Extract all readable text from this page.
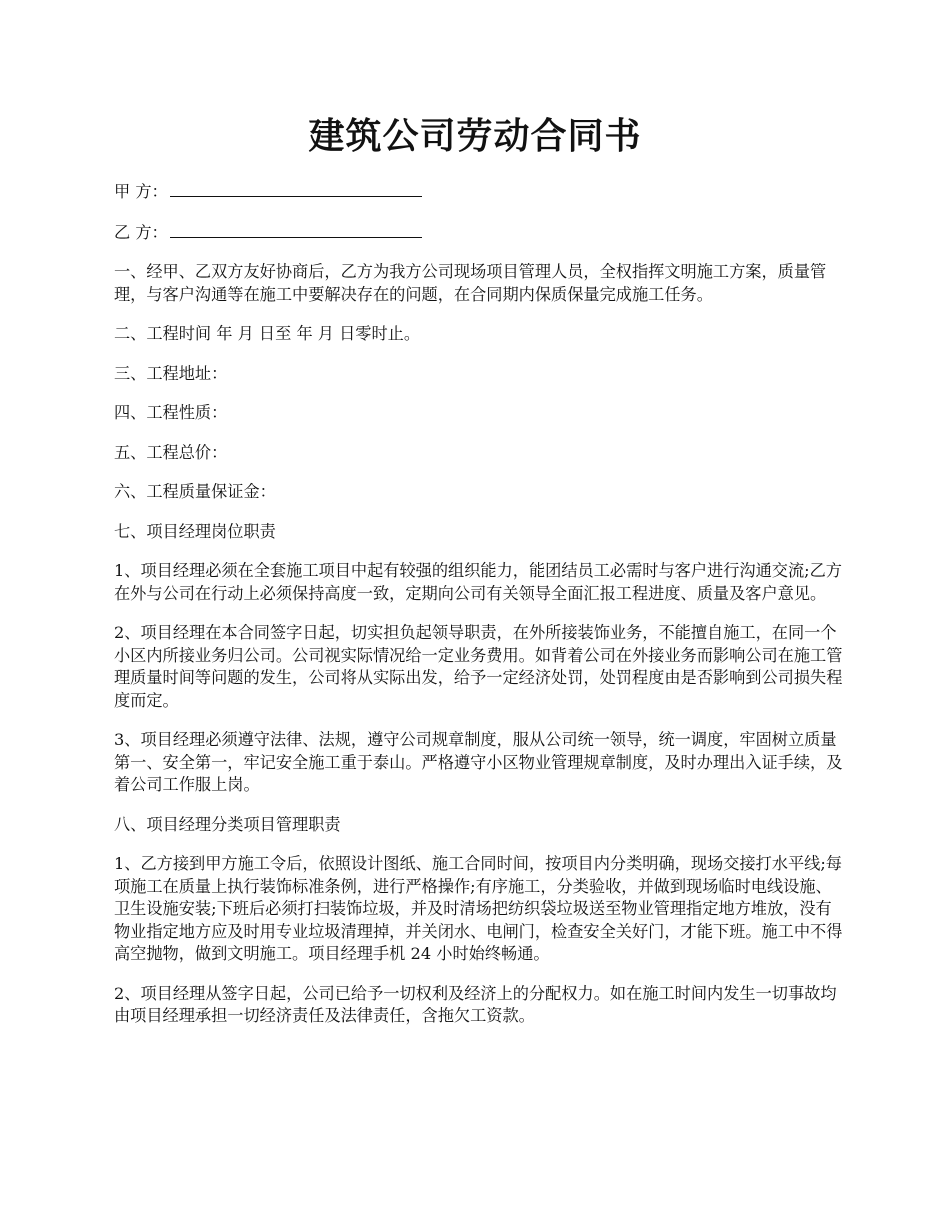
建筑公司劳动合同书

甲 方：

乙 方：

一、经甲、乙双方友好协商后，乙方为我方公司现场项目管理人员，全权指挥文明施工方案，质量管理，与客户沟通等在施工中要解决存在的问题，在合同期内保质保量完成施工任务。

二、工程时间 年 月 日至 年 月 日零时止。

三、工程地址：

四、工程性质：

五、工程总价：

六、工程质量保证金：

七、项目经理岗位职责

1、项目经理必须在全套施工项目中起有较强的组织能力，能团结员工必需时与客户进行沟通交流;乙方在外与公司在行动上必须保持高度一致，定期向公司有关领导全面汇报工程进度、质量及客户意见。

2、项目经理在本合同签字日起，切实担负起领导职责，在外所接装饰业务，不能擅自施工，在同一个小区内所接业务归公司。公司视实际情况给一定业务费用。如背着公司在外接业务而影响公司在施工管理质量时间等问题的发生，公司将从实际出发，给予一定经济处罚，处罚程度由是否影响到公司损失程度而定。

3、项目经理必须遵守法律、法规，遵守公司规章制度，服从公司统一领导，统一调度，牢固树立质量第一、安全第一，牢记安全施工重于泰山。严格遵守小区物业管理规章制度，及时办理出入证手续，及着公司工作服上岗。

八、项目经理分类项目管理职责

1、乙方接到甲方施工令后，依照设计图纸、施工合同时间，按项目内分类明确，现场交接打水平线;每项施工在质量上执行装饰标准条例，进行严格操作;有序施工，分类验收，并做到现场临时电线设施、卫生设施安装;下班后必须打扫装饰垃圾，并及时清场把纺织袋垃圾送至物业管理指定地方堆放，没有物业指定地方应及时用专业垃圾清理掉，并关闭水、电闸门，检查安全关好门，才能下班。施工中不得高空抛物，做到文明施工。项目经理手机 24 小时始终畅通。

2、项目经理从签字日起，公司已给予一切权利及经济上的分配权力。如在施工时间内发生一切事故均由项目经理承担一切经济责任及法律责任，含拖欠工资款。
